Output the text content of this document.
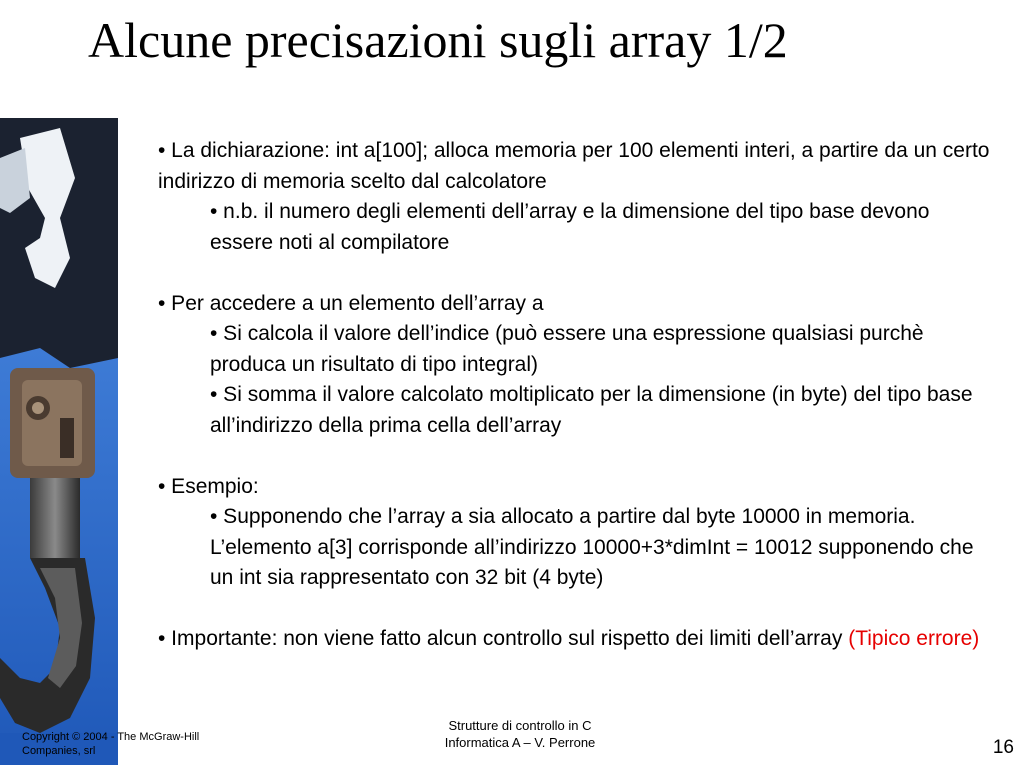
Alcune precisazioni sugli array 1/2

• La dichiarazione: int a[100]; alloca memoria per 100 elementi interi, a partire da un certo indirizzo di memoria scelto dal calcolatore

• n.b. il numero degli elementi dell’array e la dimensione del tipo base devono essere noti al compilatore

• Per accedere a un elemento dell’array a

• Si calcola il valore dell’indice (può essere una espressione qualsiasi purchè produca un risultato di tipo integral)

• Si somma il valore calcolato moltiplicato per la dimensione (in byte) del tipo base all’indirizzo della prima cella dell’array

• Esempio:

• Supponendo che l’array a sia allocato a partire dal byte 10000 in memoria. L’elemento a[3] corrisponde all’indirizzo 10000+3*dimInt = 10012 supponendo che un int sia rappresentato con 32 bit (4 byte)

• Importante: non viene fatto alcun controllo sul rispetto dei limiti dell’array (Tipico errore)

Copyright © 2004 - The McGraw-Hill Companies, srl
Strutture di controllo in C
Informatica A – V. Perrone	16
